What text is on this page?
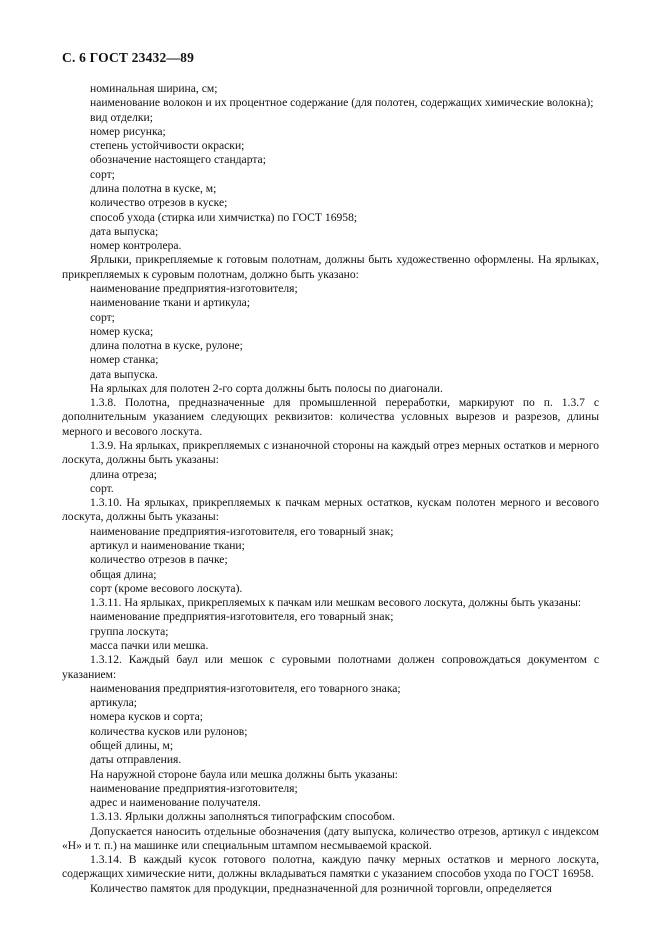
С. 6 ГОСТ 23432—89

номинальная ширина, см;

наименование волокон и их процентное содержание (для полотен, содержащих химические волокна);

вид отделки;

номер рисунка;

степень устойчивости окраски;

обозначение настоящего стандарта;

сорт;

длина полотна в куске, м;

количество отрезов в куске;

способ ухода (стирка или химчистка) по ГОСТ 16958;

дата выпуска;

номер контролера.

Ярлыки, прикрепляемые к готовым полотнам, должны быть художественно оформлены. На ярлыках, прикрепляемых к суровым полотнам, должно быть указано:

наименование предприятия-изготовителя;

наименование ткани и артикула;

сорт;

номер куска;

длина полотна в куске, рулоне;

номер станка;

дата выпуска.

На ярлыках для полотен 2-го сорта должны быть полосы по диагонали.

1.3.8. Полотна, предназначенные для промышленной переработки, маркируют по п. 1.3.7 с дополнительным указанием следующих реквизитов: количества условных вырезов и разрезов, длины мерного и весового лоскута.

1.3.9. На ярлыках, прикрепляемых с изнаночной стороны на каждый отрез мерных остатков и мерного лоскута, должны быть указаны:

длина отреза;

сорт.

1.3.10. На ярлыках, прикрепляемых к пачкам мерных остатков, кускам полотен мерного и весового лоскута, должны быть указаны:

наименование предприятия-изготовителя, его товарный знак;

артикул и наименование ткани;

количество отрезов в пачке;

общая длина;

сорт (кроме весового лоскута).

1.3.11. На ярлыках, прикрепляемых к пачкам или мешкам весового лоскута, должны быть указаны:

наименование предприятия-изготовителя, его товарный знак;

группа лоскута;

масса пачки или мешка.

1.3.12. Каждый баул или мешок с суровыми полотнами должен сопровождаться документом с указанием:

наименования предприятия-изготовителя, его товарного знака;

артикула;

номера кусков и сорта;

количества кусков или рулонов;

общей длины, м;

даты отправления.

На наружной стороне баула или мешка должны быть указаны:

наименование предприятия-изготовителя;

адрес и наименование получателя.

1.3.13. Ярлыки должны заполняться типографским способом.

Допускается наносить отдельные обозначения (дату выпуска, количество отрезов, артикул с индексом «Н» и т. п.) на машинке или специальным штампом несмываемой краской.

1.3.14. В каждый кусок готового полотна, каждую пачку мерных остатков и мерного лоскута, содержащих химические нити, должны вкладываться памятки с указанием способов ухода по ГОСТ 16958.

Количество памяток для продукции, предназначенной для розничной торговли, определяется
